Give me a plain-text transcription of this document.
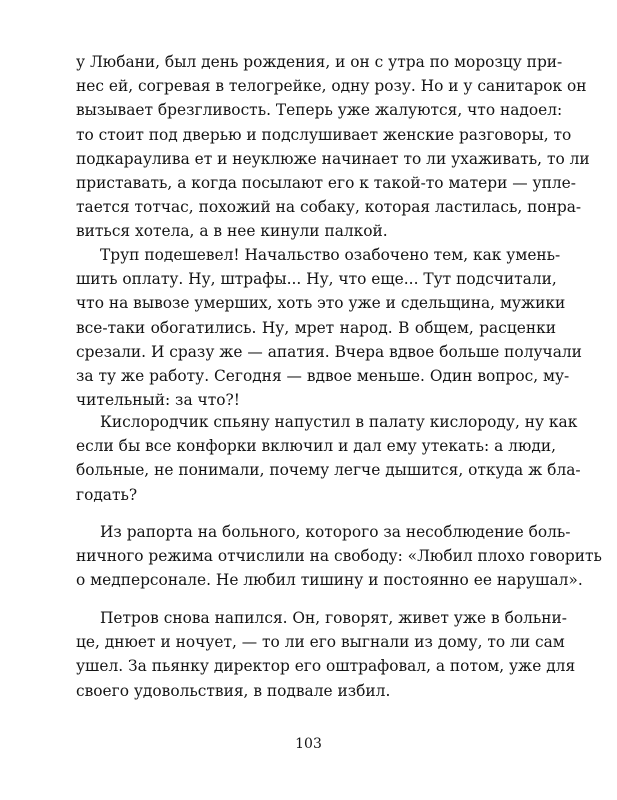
у Любани, был день рождения, и он с утра по морозцу при-
нес ей, согревая в телогрейке, одну розу. Но и у санитарок он
вызывает брезгливость. Теперь уже жалуются, что надоел:
то стоит под дверью и подслушивает женские разговоры, то
подкараулива ет и неуклюже начинает то ли ухаживать, то ли
приставать, а когда посылают его к такой-то матери — упле-
тается тотчас, похожий на собаку, которая ластилась, понра-
виться хотела, а в нее кинули палкой.
Труп подешевел! Начальство озабочено тем, как умень-
шить оплату. Ну, штрафы... Ну, что еще... Тут подсчитали,
что на вывозе умерших, хоть это уже и сдельщина, мужики
все-таки обогатились. Ну, мрет народ. В общем, расценки
срезали. И сразу же — апатия. Вчера вдвое больше получали
за ту же работу. Сегодня — вдвое меньше. Один вопрос, му-
чительный: за что?!
Кислородчик спьяну напустил в палату кислороду, ну как
если бы все конфорки включил и дал ему утекать: а люди,
больные, не понимали, почему легче дышится, откуда ж бла-
годать?
Из рапорта на больного, которого за несоблюдение боль-
ничного режима отчислили на свободу: «Любил плохо говорить
о медперсонале. Не любил тишину и постоянно ее нарушал».
Петров снова напился. Он, говорят, живет уже в больни-
це, днюет и ночует, — то ли его выгнали из дому, то ли сам
ушел. За пьянку директор его оштрафовал, а потом, уже для
своего удовольствия, в подвале избил.
103
